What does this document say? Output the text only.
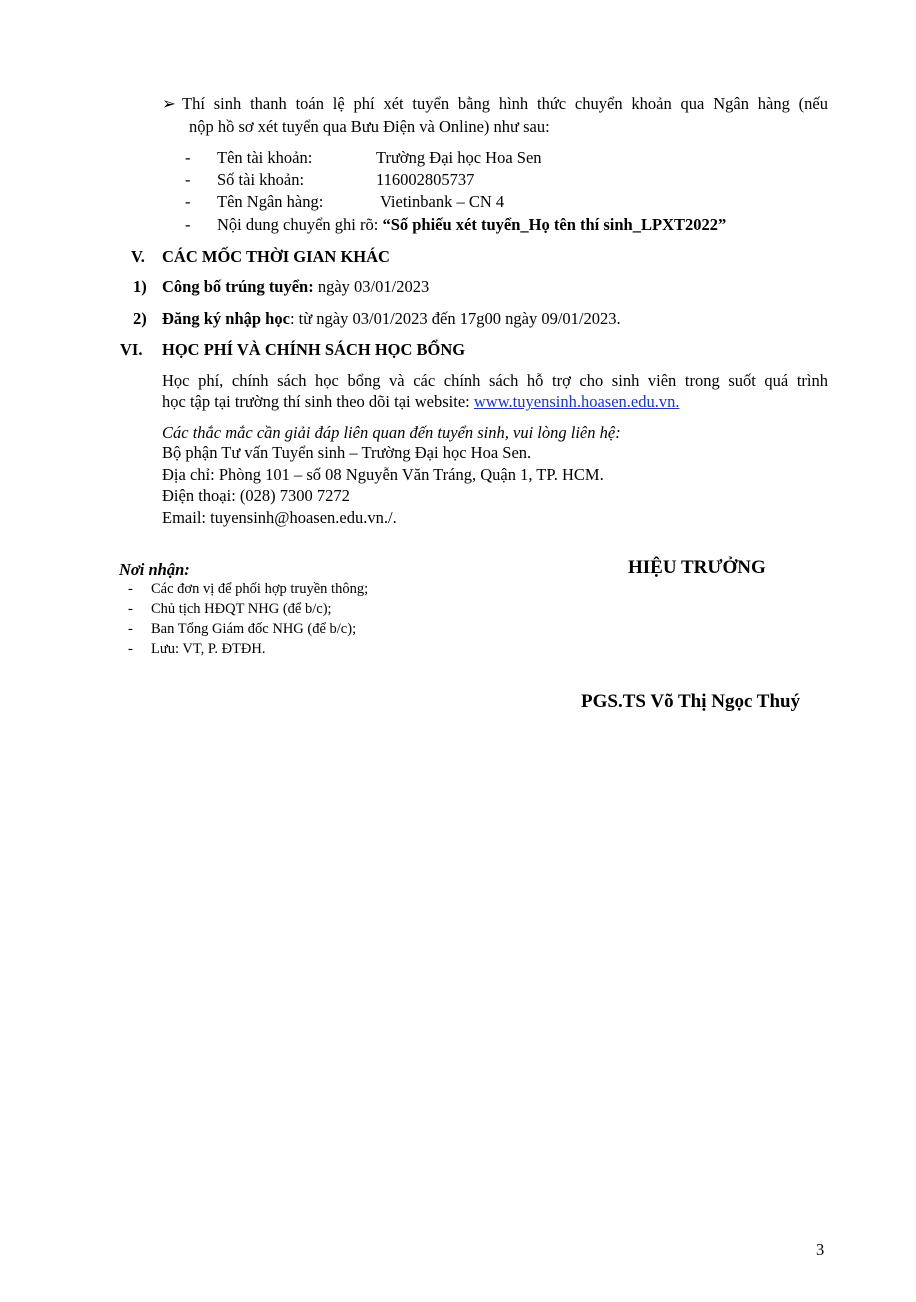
➢ Thí sinh thanh toán lệ phí xét tuyển bằng hình thức chuyển khoản qua Ngân hàng (nếu
nộp hồ sơ xét tuyển qua Bưu Điện và Online) như sau:
- Tên tài khoản:	Trường Đại học Hoa Sen
- Số tài khoản:	116002805737
- Tên Ngân hàng:	Vietinbank – CN 4
- Nội dung chuyển ghi rõ: “Số phiếu xét tuyển_Họ tên thí sinh_LPXT2022”
V. CÁC MỐC THỜI GIAN KHÁC
1) Công bố trúng tuyển: ngày 03/01/2023
2) Đăng ký nhập học: từ ngày 03/01/2023 đến 17g00 ngày 09/01/2023.
VI. HỌC PHÍ VÀ CHÍNH SÁCH HỌC BỔNG
Học phí, chính sách học bổng và các chính sách hỗ trợ cho sinh viên trong suốt quá trình
học tập tại trường thí sinh theo dõi tại website: www.tuyensinh.hoasen.edu.vn.
Các thắc mắc cần giải đáp liên quan đến tuyển sinh, vui lòng liên hệ:
Bộ phận Tư vấn Tuyển sinh – Trường Đại học Hoa Sen.
Địa chỉ: Phòng 101 – số 08 Nguyễn Văn Tráng, Quận 1, TP. HCM.
Điện thoại: (028) 7300 7272
Email: tuyensinh@hoasen.edu.vn./.
Nơi nhận:	HIỆU TRƯỞNG
- Các đơn vị để phối hợp truyền thông;
- Chủ tịch HĐQT NHG (để b/c);
- Ban Tổng Giám đốc NHG (để b/c);
- Lưu: VT, P. ĐTĐH.
PGS.TS Võ Thị Ngọc Thuý
3
